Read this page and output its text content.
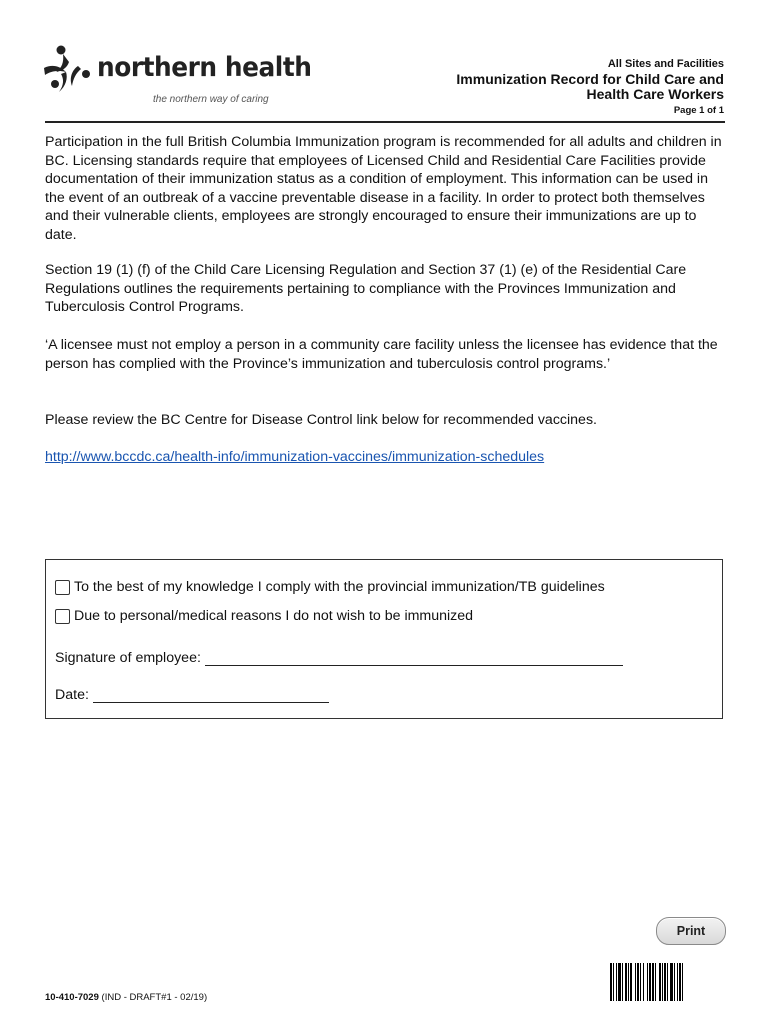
northern health
the northern way of caring
All Sites and Facilities
Immunization Record for Child Care and Health Care Workers
Page 1 of 1

Participation in the full British Columbia Immunization program is recommended for all adults and children in BC. Licensing standards require that employees of Licensed Child and Residential Care Facilities provide documentation of their immunization status as a condition of employment. This information can be used in the event of an outbreak of a vaccine preventable disease in a facility. In order to protect both themselves and their vulnerable clients, employees are strongly encouraged to ensure their immunizations are up to date.

Section 19 (1) (f) of the Child Care Licensing Regulation and Section 37 (1) (e) of the Residential Care Regulations outlines the requirements pertaining to compliance with the Provinces Immunization and Tuberculosis Control Programs.

‘A licensee must not employ a person in a community care facility unless the licensee has evidence that the person has complied with the Province’s immunization and tuberculosis control programs.’

Please review the BC Centre for Disease Control link below for recommended vaccines.

http://www.bccdc.ca/health-info/immunization-vaccines/immunization-schedules
To the best of my knowledge I comply with the provincial immunization/TB guidelines
Due to personal/medical reasons I do not wish to be immunized
Signature of employee:
Date:
Print
10-410-7029 (IND - DRAFT#1 - 02/19)
